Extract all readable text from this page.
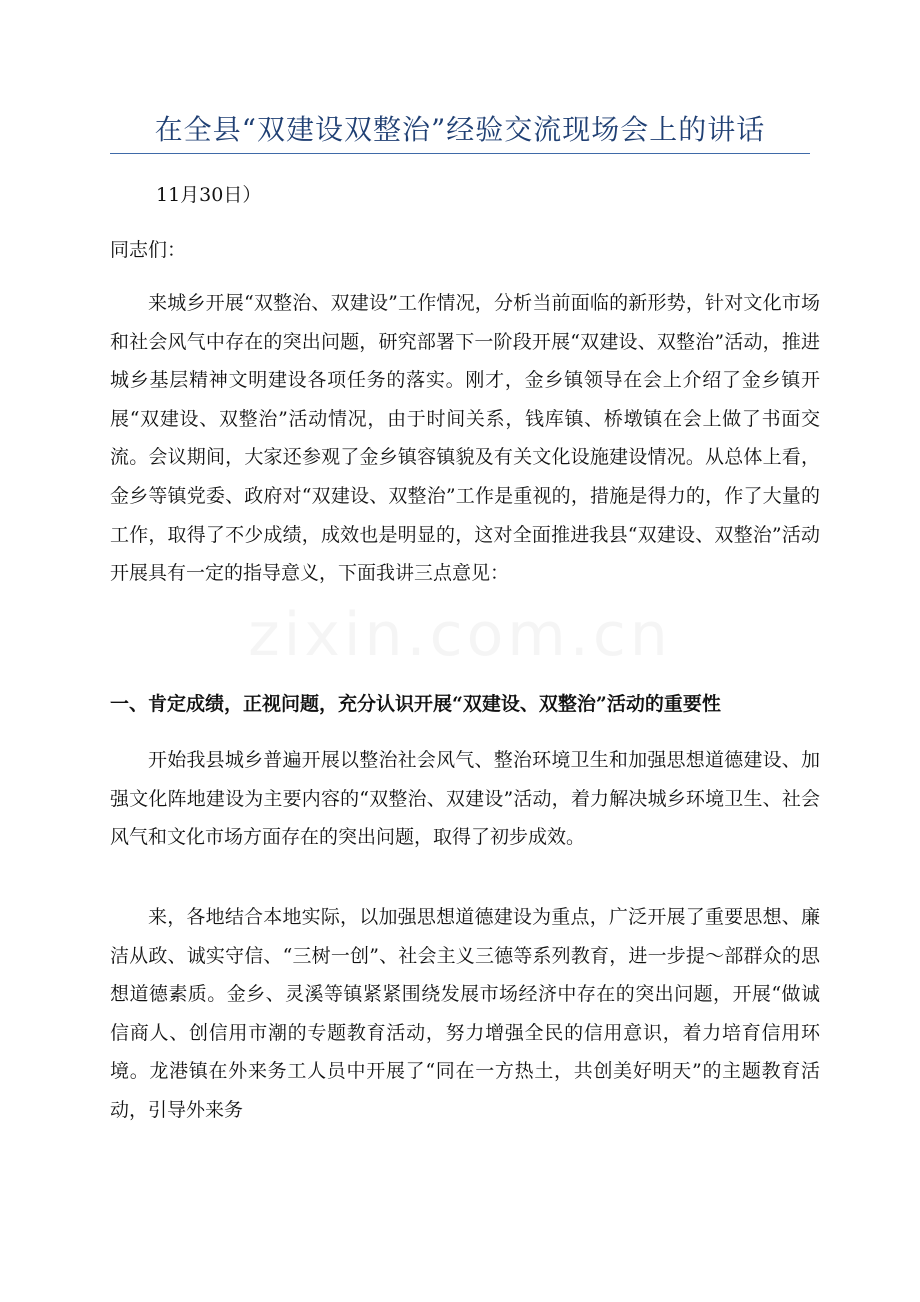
在全县“双建设双整治”经验交流现场会上的讲话
11月30日）
同志们：

来城乡开展“双整治、双建设”工作情况，分析当前面临的新形势，针对文化市场和社会风气中存在的突出问题，研究部署下一阶段开展“双建设、双整治”活动，推进城乡基层精神文明建设各项任务的落实。刚才，金乡镇领导在会上介绍了金乡镇开展“双建设、双整治”活动情况，由于时间关系，钱库镇、桥墩镇在会上做了书面交流。会议期间，大家还参观了金乡镇容镇貌及有关文化设施建设情况。从总体上看，金乡等镇党委、政府对“双建设、双整治”工作是重视的，措施是得力的，作了大量的工作，取得了不少成绩，成效也是明显的，这对全面推进我县“双建设、双整治”活动开展具有一定的指导意义，下面我讲三点意见：

一、肯定成绩，正视问题，充分认识开展“双建设、双整治”活动的重要性

开始我县城乡普遍开展以整治社会风气、整治环境卫生和加强思想道德建设、加强文化阵地建设为主要内容的“双整治、双建设”活动，着力解决城乡环境卫生、社会风气和文化市场方面存在的突出问题，取得了初步成效。

来，各地结合本地实际，以加强思想道德建设为重点，广泛开展了重要思想、廉洁从政、诚实守信、“三树一创”、社会主义三德等系列教育，进一步提～部群众的思想道德素质。金乡、灵溪等镇紧紧围绕发展市场经济中存在的突出问题，开展“做诚信商人、创信用市潮的专题教育活动，努力增强全民的信用意识，着力培育信用环境。龙港镇在外来务工人员中开展了“同在一方热土，共创美好明天”的主题教育活动，引导外来务

zixin.com.cn
